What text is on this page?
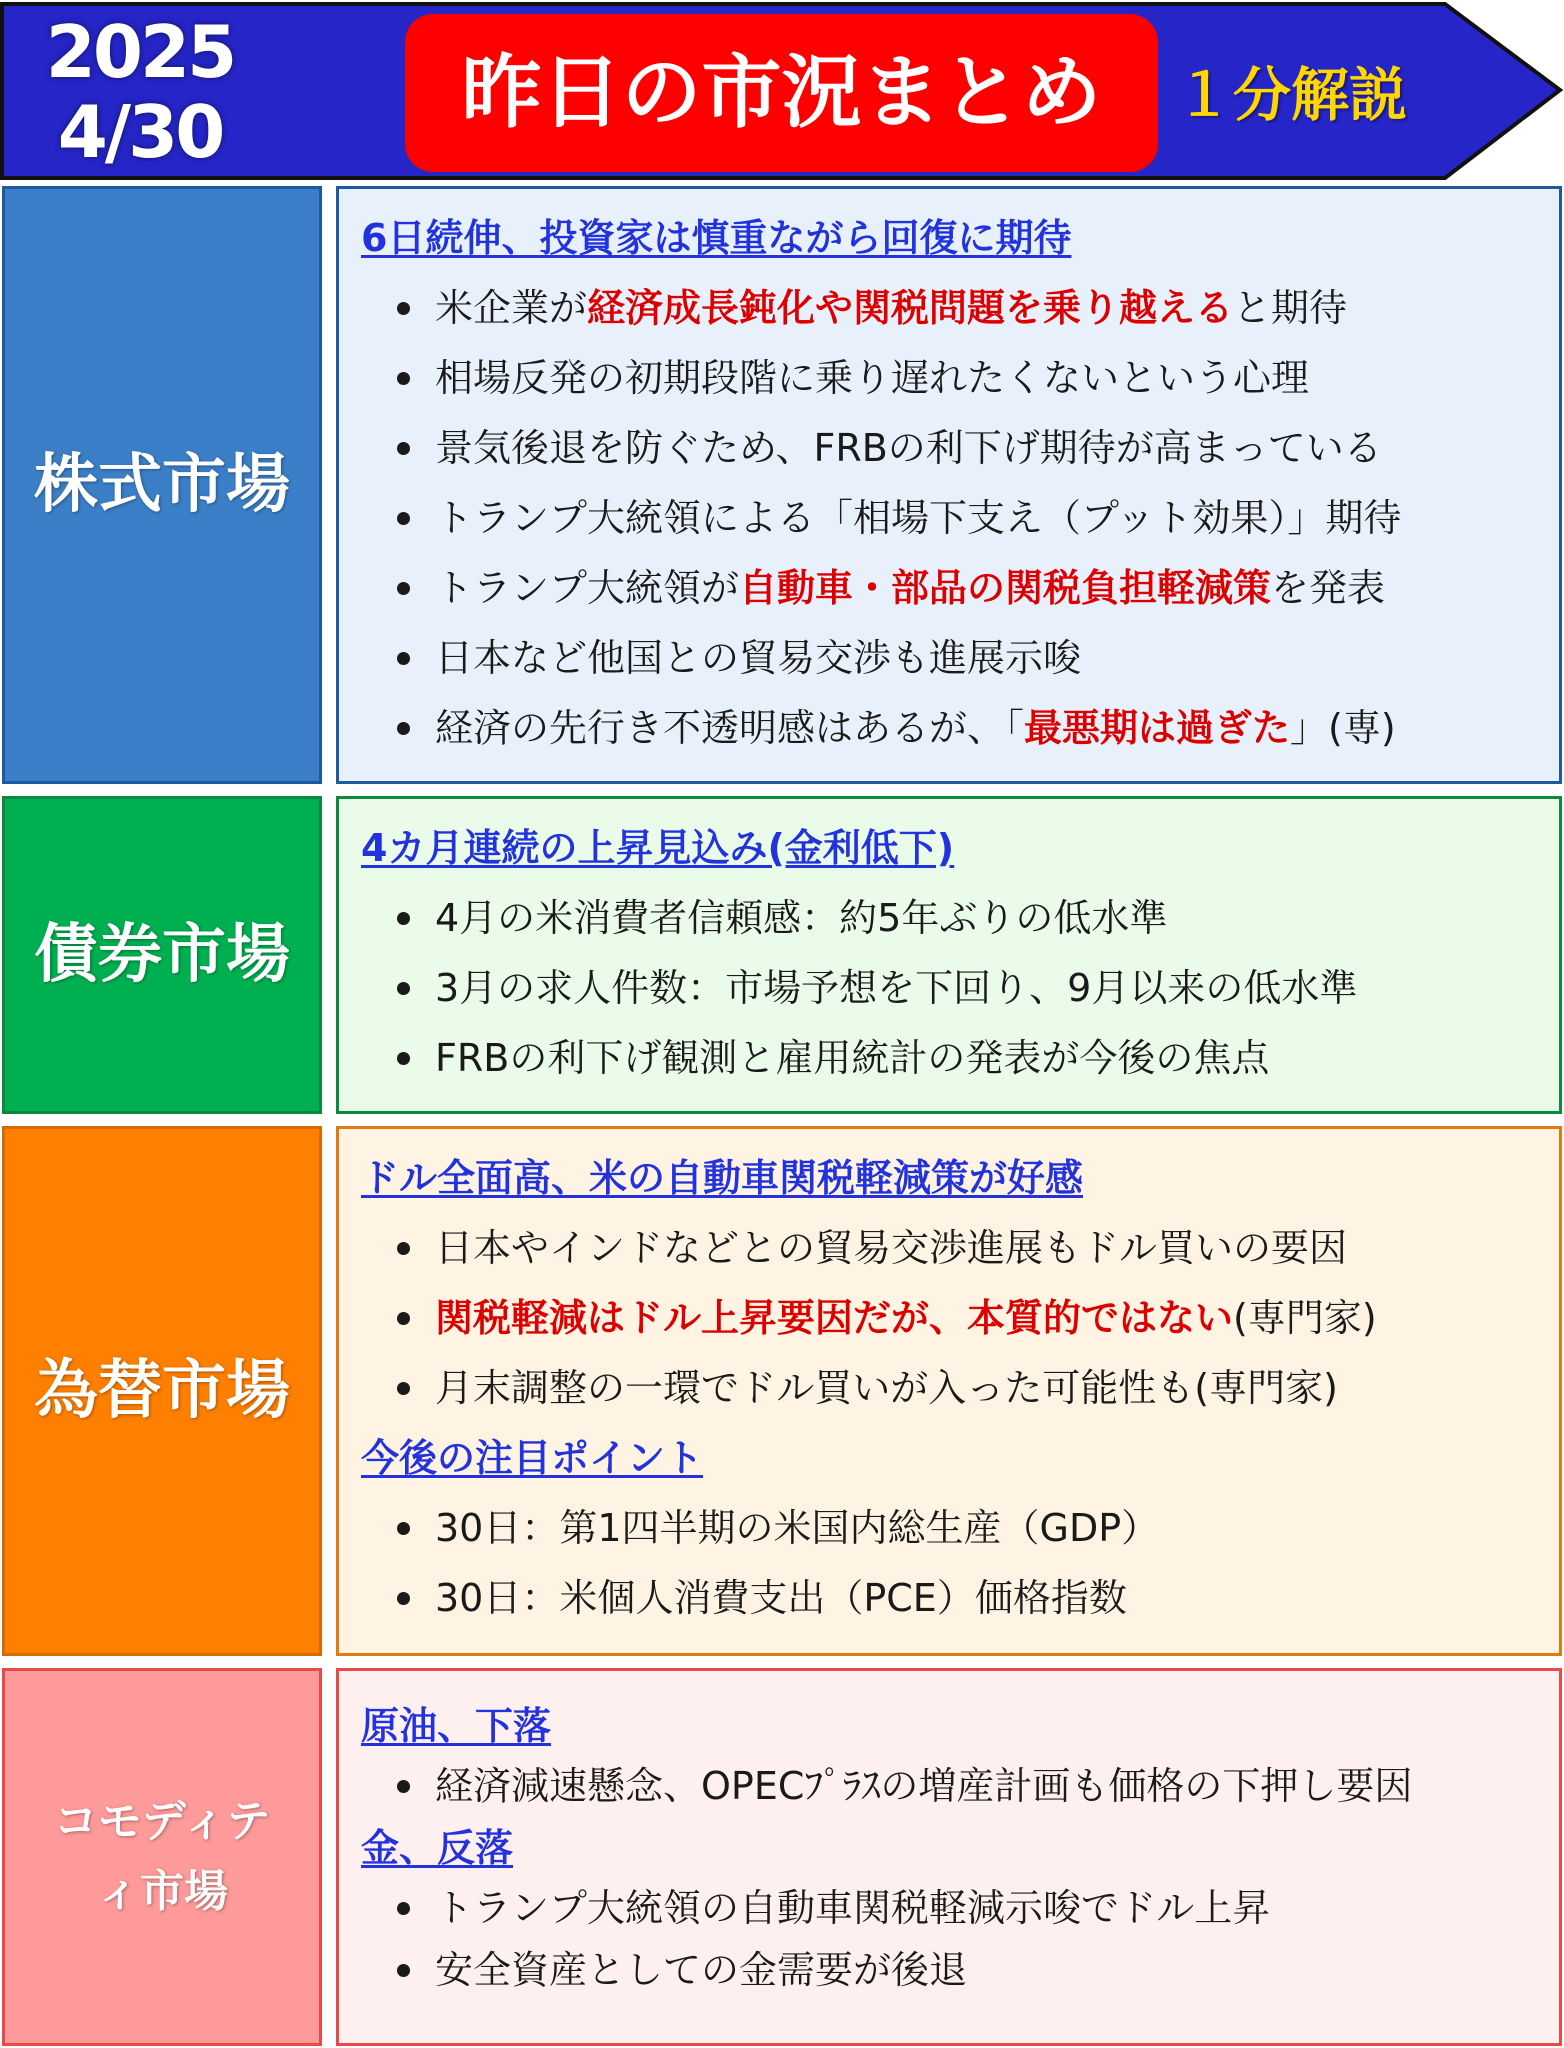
2025
4/30	昨日の市況まとめ １分解説
株式市場
6日続伸、投資家は慎重ながら回復に期待
米企業が経済成長鈍化や関税問題を乗り越えると期待
相場反発の初期段階に乗り遅れたくないという心理
景気後退を防ぐため、FRBの利下げ期待が高まっている
トランプ大統領による「相場下支え（プット効果）」期待
トランプ大統領が自動車・部品の関税負担軽減策を発表
日本など他国との貿易交渉も進展示唆
経済の先行き不透明感はあるが、「最悪期は過ぎた」(専)
債券市場
4カ月連続の上昇見込み(金利低下)
4月の米消費者信頼感：約5年ぶりの低水準
3月の求人件数：市場予想を下回り、9月以来の低水準
FRBの利下げ観測と雇用統計の発表が今後の焦点
為替市場
ドル全面高、米の自動車関税軽減策が好感
日本やインドなどとの貿易交渉進展もドル買いの要因
関税軽減はドル上昇要因だが、本質的ではない(専門家)
月末調整の一環でドル買いが入った可能性も(専門家)
今後の注目ポイント
30日：第1四半期の米国内総生産（GDP）
30日：米個人消費支出（PCE）価格指数
コモディティ市場
原油、下落
経済減速懸念、OPECﾌﾟﾗｽの増産計画も価格の下押し要因
金、反落
トランプ大統領の自動車関税軽減示唆でドル上昇
安全資産としての金需要が後退
